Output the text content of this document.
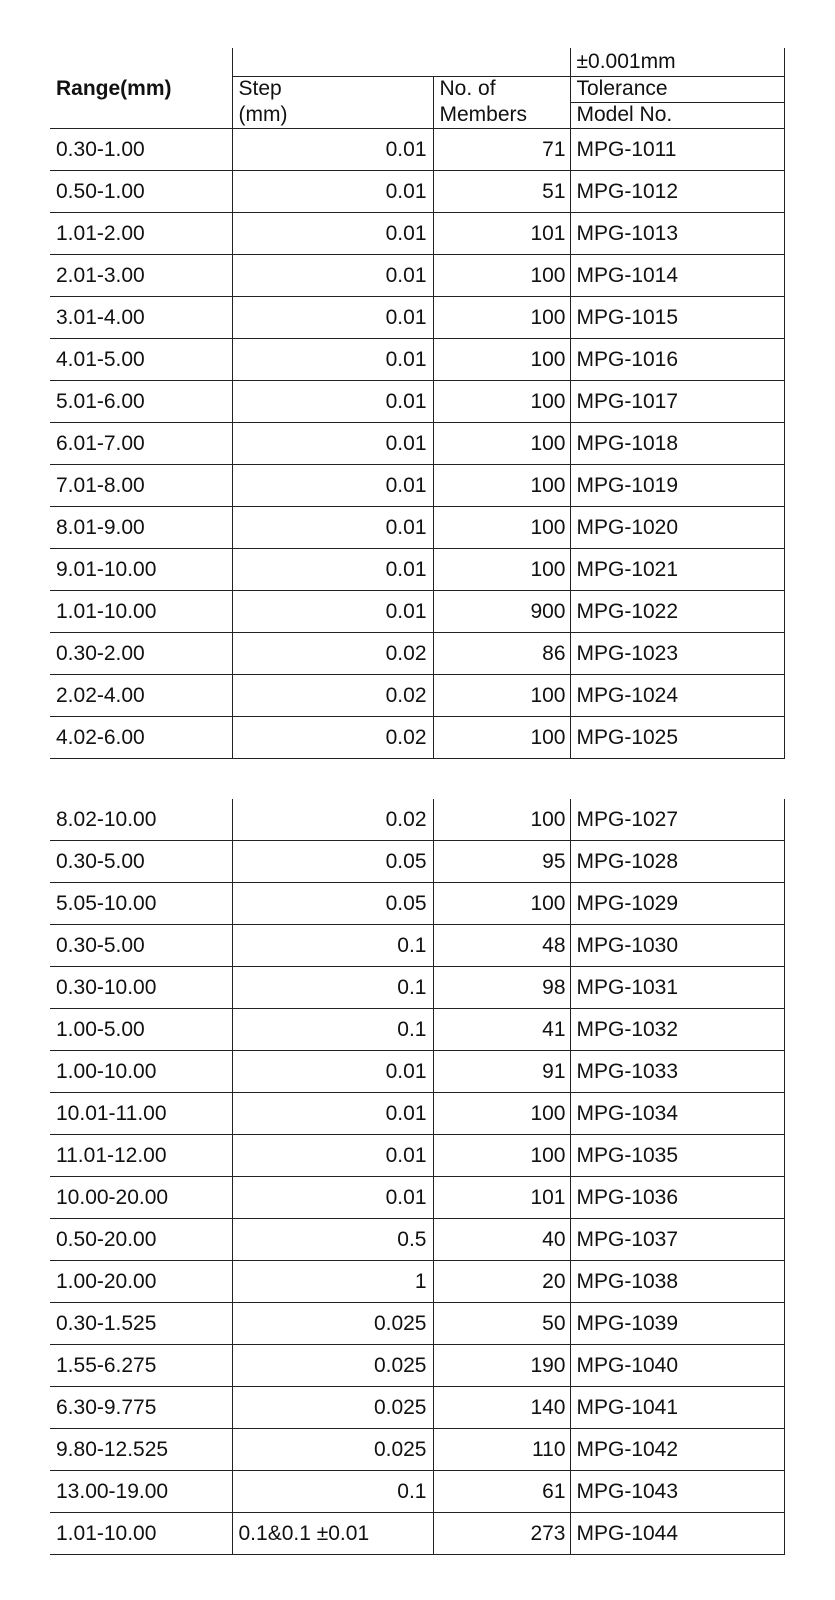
			±0.001mm
Range(mm)	Step	No. of	Tolerance
	(mm)	Members	Model No.
0.30-1.00	0.01	71	MPG-1011
0.50-1.00	0.01	51	MPG-1012
1.01-2.00	0.01	101	MPG-1013
2.01-3.00	0.01	100	MPG-1014
3.01-4.00	0.01	100	MPG-1015
4.01-5.00	0.01	100	MPG-1016
5.01-6.00	0.01	100	MPG-1017
6.01-7.00	0.01	100	MPG-1018
7.01-8.00	0.01	100	MPG-1019
8.01-9.00	0.01	100	MPG-1020
9.01-10.00	0.01	100	MPG-1021
1.01-10.00	0.01	900	MPG-1022
0.30-2.00	0.02	86	MPG-1023
2.02-4.00	0.02	100	MPG-1024
4.02-6.00	0.02	100	MPG-1025
8.02-10.00	0.02	100	MPG-1027
0.30-5.00	0.05	95	MPG-1028
5.05-10.00	0.05	100	MPG-1029
0.30-5.00	0.1	48	MPG-1030
0.30-10.00	0.1	98	MPG-1031
1.00-5.00	0.1	41	MPG-1032
1.00-10.00	0.01	91	MPG-1033
10.01-11.00	0.01	100	MPG-1034
11.01-12.00	0.01	100	MPG-1035
10.00-20.00	0.01	101	MPG-1036
0.50-20.00	0.5	40	MPG-1037
1.00-20.00	1	20	MPG-1038
0.30-1.525	0.025	50	MPG-1039
1.55-6.275	0.025	190	MPG-1040
6.30-9.775	0.025	140	MPG-1041
9.80-12.525	0.025	110	MPG-1042
13.00-19.00	0.1	61	MPG-1043
1.01-10.00	0.1&0.1 ±0.01	273	MPG-1044
